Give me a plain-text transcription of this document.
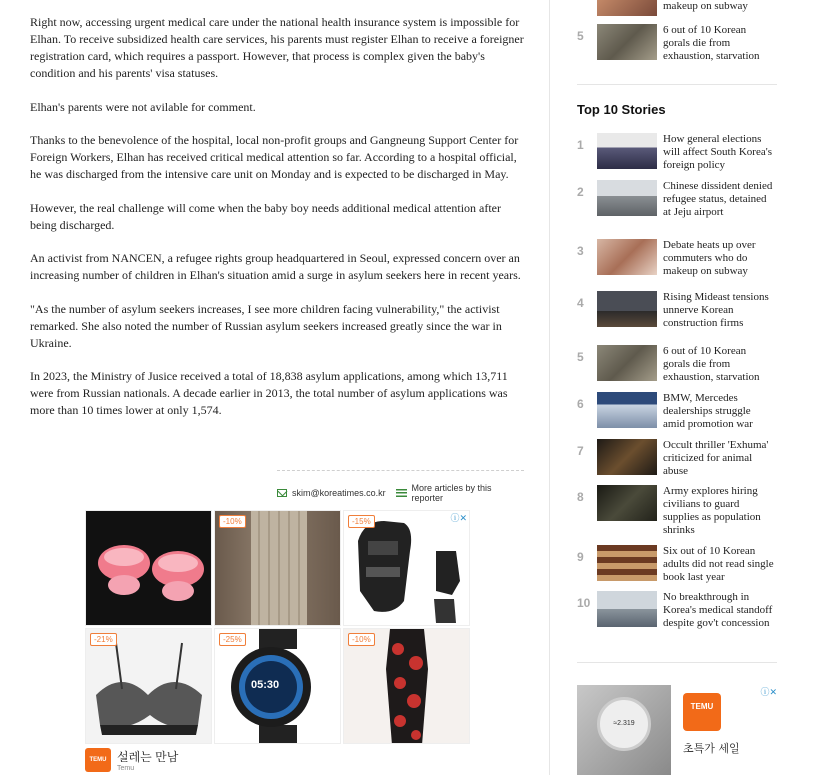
Right now, accessing urgent medical care under the national health insurance system is impossible for Elhan. To receive subsidized health care services, his parents must register Elhan to receive a foreigner registration card, which requires a passport. However, that process is complex given the baby's condition and his parents' visa statuses.

Elhan's parents were not avilable for comment.

Thanks to the benevolence of the hospital, local non-profit groups and Gangneung Support Center for Foreign Workers, Elhan has received critical medical attention so far. According to a hospital official, he was discharged from the intensive care unit on Monday and is expected to be discharged in May.

However, the real challenge will come when the baby boy needs additional medical attention after being discharged.

An activist from NANCEN, a refugee rights group headquartered in Seoul, expressed concern over an increasing number of children in Elhan's situation amid a surge in asylum seekers here in recent years.

"As the number of asylum seekers increases, I see more children facing vulnerability," the activist remarked. She also noted the number of Russian asylum seekers increased greatly since the war in Ukraine.

In 2023, the Ministry of Jusice received a total of 18,838 asylum applications, among which 13,711 were from Russian nationals. A decade earlier in 2013, the total number of asylum applications was more than 10 times lower at only 1,574.

skim@koreatimes.co.kr	More articles by this reporter
-10%	-15%	ⓘ✕
-21%
05:30
-25%	-10%
TEMU 설레는 만남
Temu
makeup on subway
5	6 out of 10 Korean gorals die from exhaustion, starvation
Top 10 Stories
1	How general elections will affect South Korea's foreign policy
2	Chinese dissident denied refugee status, detained at Jeju airport
3	Debate heats up over commuters who do makeup on subway
4	Rising Mideast tensions unnerve Korean construction firms
5	6 out of 10 Korean gorals die from exhaustion, starvation
6	BMW, Mercedes dealerships struggle amid promotion war
7	Occult thriller 'Exhuma' criticized for animal abuse
8	Army explores hiring civilians to guard supplies as population shrinks
9	Six out of 10 Korean adults did not read single book last year
10	No breakthrough in Korea's medical standoff despite gov't concession
≈2.319
TEMU
초특가 세일
ⓘ✕
